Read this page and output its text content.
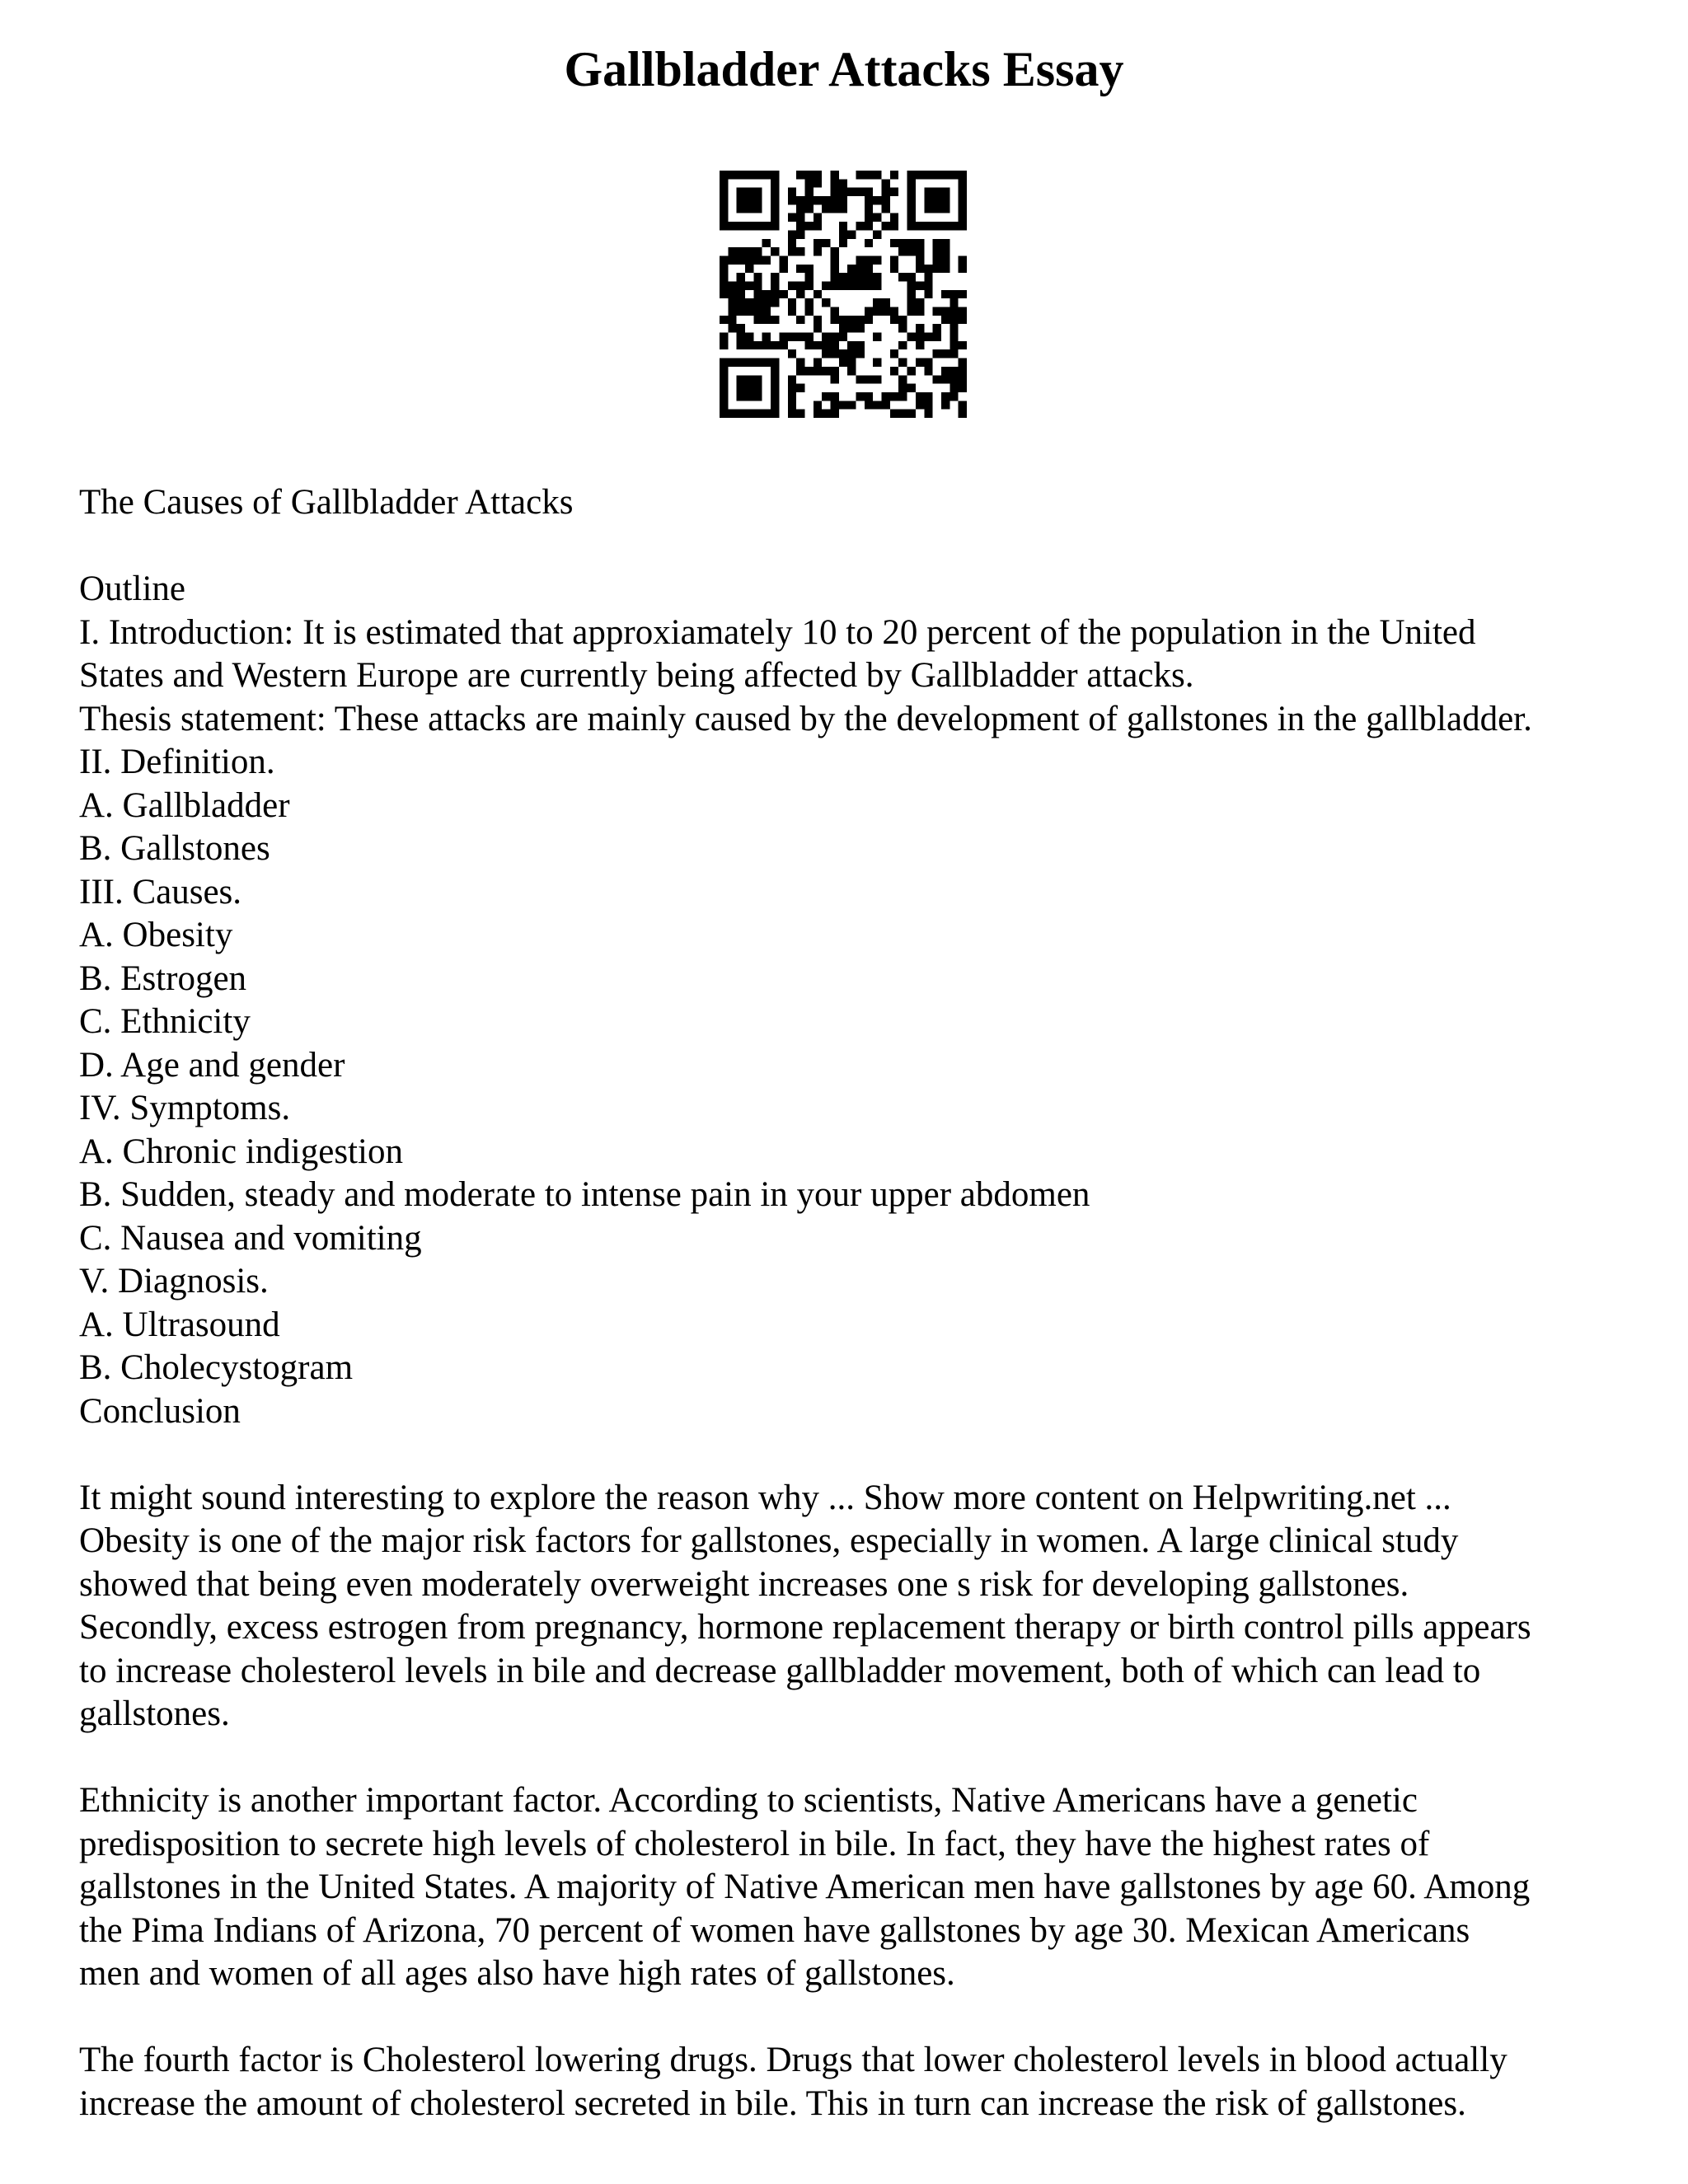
Gallbladder Attacks Essay
The Causes of Gallbladder Attacks
Outline
I. Introduction: It is estimated that approxiamately 10 to 20 percent of the population in the United
States and Western Europe are currently being affected by Gallbladder attacks.
Thesis statement: These attacks are mainly caused by the development of gallstones in the gallbladder.
II. Definition.
A. Gallbladder
B. Gallstones
III. Causes.
A. Obesity
B. Estrogen
C. Ethnicity
D. Age and gender
IV. Symptoms.
A. Chronic indigestion
B. Sudden, steady and moderate to intense pain in your upper abdomen
C. Nausea and vomiting
V. Diagnosis.
A. Ultrasound
B. Cholecystogram
Conclusion
It might sound interesting to explore the reason why ... Show more content on Helpwriting.net ...
Obesity is one of the major risk factors for gallstones, especially in women. A large clinical study
showed that being even moderately overweight increases one s risk for developing gallstones.
Secondly, excess estrogen from pregnancy, hormone replacement therapy or birth control pills appears
to increase cholesterol levels in bile and decrease gallbladder movement, both of which can lead to
gallstones.
Ethnicity is another important factor. According to scientists, Native Americans have a genetic
predisposition to secrete high levels of cholesterol in bile. In fact, they have the highest rates of
gallstones in the United States. A majority of Native American men have gallstones by age 60. Among
the Pima Indians of Arizona, 70 percent of women have gallstones by age 30. Mexican Americans
men and women of all ages also have high rates of gallstones.
The fourth factor is Cholesterol lowering drugs. Drugs that lower cholesterol levels in blood actually
increase the amount of cholesterol secreted in bile. This in turn can increase the risk of gallstones.
